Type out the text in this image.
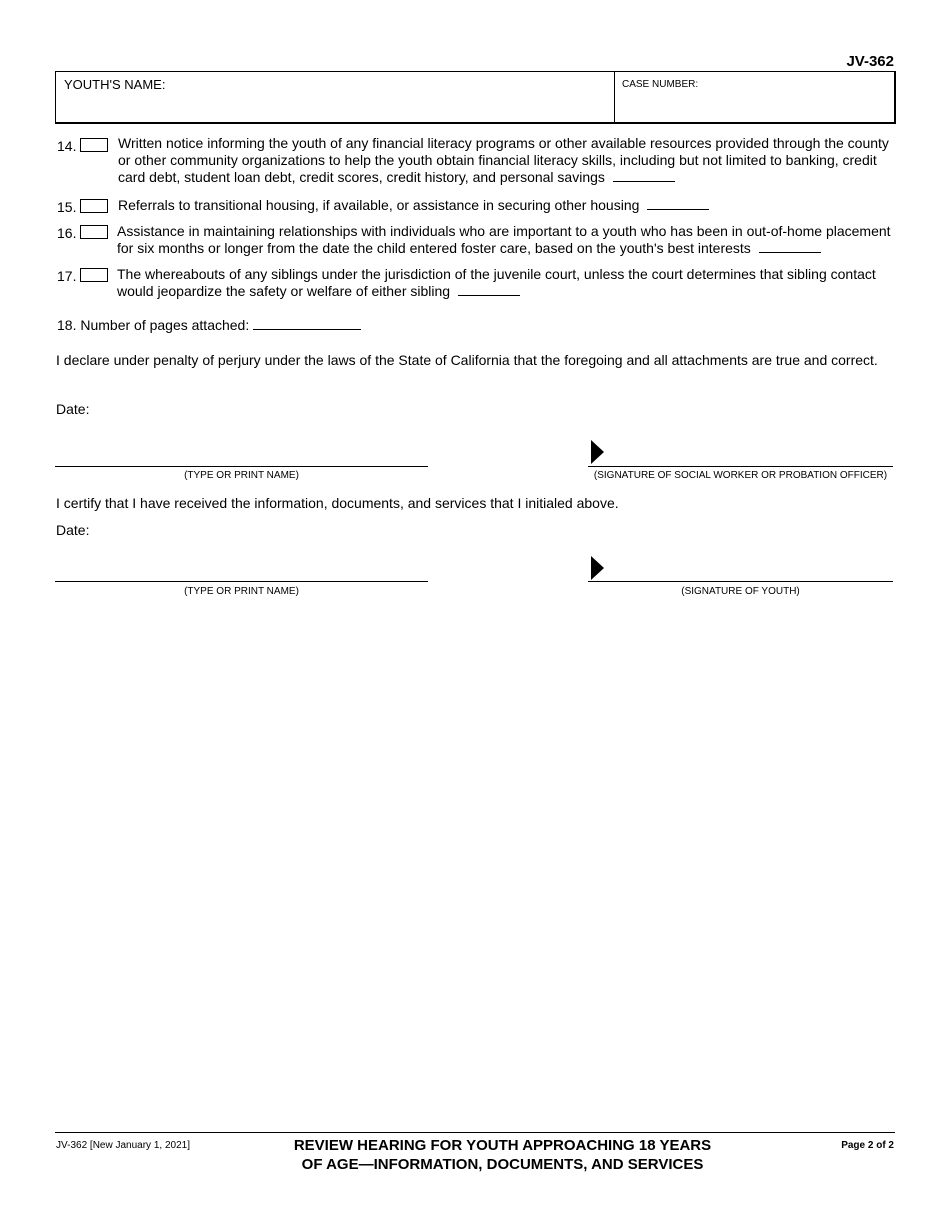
JV-362
YOUTH'S NAME:	CASE NUMBER:
14.	Written notice informing the youth of any financial literacy programs or other available resources provided through the county
or other community organizations to help the youth obtain financial literacy skills, including but not limited to banking, credit
card debt, student loan debt, credit scores, credit history, and personal savings
15.	Referrals to transitional housing, if available, or assistance in securing other housing
16.	Assistance in maintaining relationships with individuals who are important to a youth who has been in out-of-home placement
for six months or longer from the date the child entered foster care, based on the youth's best interests
17.	The whereabouts of any siblings under the jurisdiction of the juvenile court, unless the court determines that sibling contact
would jeopardize the safety or welfare of either sibling
18. Number of pages attached:
I declare under penalty of perjury under the laws of the State of California that the foregoing and all attachments are true and correct.
Date:
(TYPE OR PRINT NAME)	(SIGNATURE OF SOCIAL WORKER OR PROBATION OFFICER)
I certify that I have received the information, documents, and services that I initialed above.
Date:
(TYPE OR PRINT NAME)	(SIGNATURE OF YOUTH)
JV-362 [New January 1, 2021]	REVIEW HEARING FOR YOUTH APPROACHING 18 YEARS
OF AGE—INFORMATION, DOCUMENTS, AND SERVICES
Page 2 of 2
